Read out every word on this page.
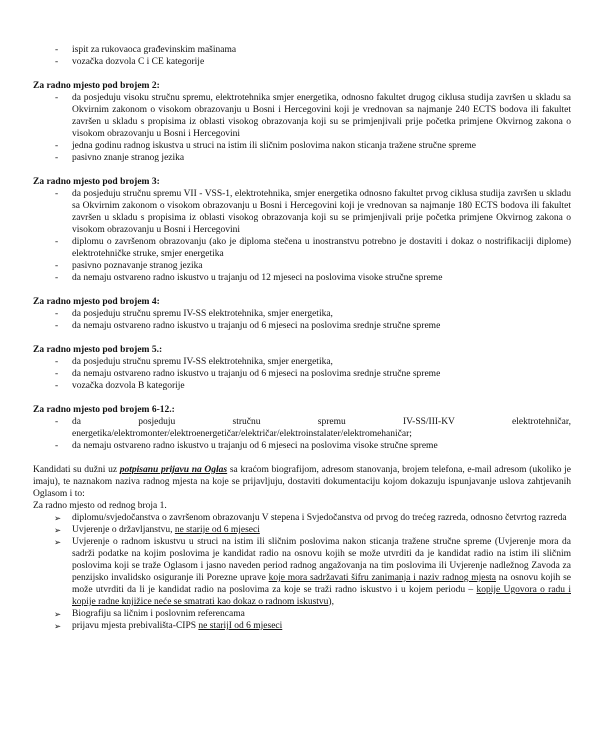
- ispit za rukovaoca građevinskim mašinama
- vozačka dozvola C i CE kategorije

Za radno mjesto pod brojem 2:

- da posjeduju visoku stručnu spremu, elektrotehnika smjer energetika, odnosno fakultet drugog ciklusa studija završen u skladu sa Okvirnim zakonom o visokom obrazovanju u Bosni i Hercegovini koji je vrednovan sa najmanje 240 ECTS bodova ili fakultet završen u skladu s propisima iz oblasti visokog obrazovanja koji su se primjenjivali prije početka primjene Okvirnog zakona o visokom obrazovanju u Bosni i Hercegovini
- jedna godinu radnog iskustva u struci na istim ili sličnim poslovima nakon sticanja tražene stručne spreme
- pasivno znanje stranog jezika

Za radno mjesto pod brojem 3:

- da posjeduju stručnu spremu VII - VSS-1, elektrotehnika, smjer energetika odnosno fakultet prvog ciklusa studija završen u skladu sa Okvirnim zakonom o visokom obrazovanju u Bosni i Hercegovini koji je vrednovan sa najmanje 180 ECTS bodova ili fakultet završen u skladu s propisima iz oblasti visokog obrazovanja koji su se primjenjivali prije početka primjene Okvirnog zakona o visokom obrazovanju u Bosni i Hercegovini
- diplomu o završenom obrazovanju (ako je diploma stečena u inostranstvu potrebno je dostaviti i dokaz o nostrifikaciji diplome) elektrotehničke struke, smjer energetika
- pasivno poznavanje stranog jezika
- da nemaju ostvareno radno iskustvo u trajanju od 12 mjeseci na poslovima visoke stručne spreme

Za radno mjesto pod brojem 4:

- da posjeduju stručnu spremu IV-SS elektrotehnika, smjer energetika,
- da nemaju ostvareno radno iskustvo u trajanju od 6 mjeseci na poslovima srednje stručne spreme

Za radno mjesto pod brojem 5.:

- da posjeduju stručnu spremu IV-SS elektrotehnika, smjer energetika,
- da nemaju ostvareno radno iskustvo u trajanju od 6 mjeseci na poslovima srednje stručne spreme
- vozačka dozvola B kategorije

Za radno mjesto pod brojem 6-12.:

- da posjeduju stručnu spremu IV-SS/III-KV elektrotehničar, energetika/elektromonter/elektroenergetičar/električar/elektroinstalater/elektromehaničar;
- da nemaju ostvareno radno iskustvo u trajanju od 6 mjeseci na poslovima visoke stručne spreme

Kandidati su dužni uz potpisanu prijavu na Oglas sa kraćom biografijom, adresom stanovanja, brojem telefona, e-mail adresom (ukoliko je imaju), te naznakom naziva radnog mjesta na koje se prijavljuju, dostaviti dokumentaciju kojom dokazuju ispunjavanje uslova zahtjevanih Oglasom i to:

Za radno mjesto od rednog broja 1.

➢ diplomu/svjedočanstva o završenom obrazovanju V stepena i Svjedočanstva od prvog do trećeg razreda, odnosno četvrtog razreda
➢ Uvjerenje o državljanstvu, ne starije od 6 mjeseci
➢ Uvjerenje o radnom iskustvu u struci na istim ili sličnim poslovima nakon sticanja tražene stručne spreme (Uvjerenje mora da sadrži podatke na kojim poslovima je kandidat radio na osnovu kojih se može utvrditi da je kandidat radio na istim ili sličnim poslovima koji se traže Oglasom i jasno naveden period radnog angažovanja na tim poslovima ili Uvjerenje nadležnog Zavoda za penzijsko invalidsko osiguranje ili Porezne uprave koje mora sadržavati šifru zanimanja i naziv radnog mjesta na osnovu kojih se može utvrditi da li je kandidat radio na poslovima za koje se traži radno iskustvo i u kojem periodu – kopije Ugovora o radu i kopije radne knjižice neće se smatrati kao dokaz o radnom iskustvu),
➢ Biografiju sa ličnim i poslovnim referencama
➢ prijavu mjesta prebivališta-CIPS ne starijI od 6 mjeseci
